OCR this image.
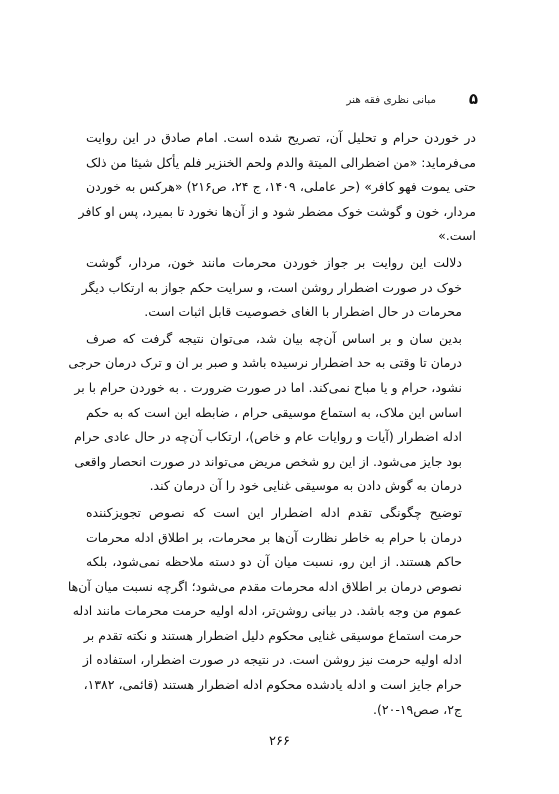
مبانی نظری فقه هنر ۵

در خوردن حرام و تحلیل آن، تصریح شده است. امام صادق در این روایت
می‌فرماید: «من اضطرالی المیتة والدم ولحم الخنزیر فلم یأکل شیئا من ذلک
حتی یموت فهو کافر» (حر عاملی، ۱۴۰۹، ج ۲۴، ص۲۱۶) «هرکس به خوردن
مردار، خون و گوشت خوک مضطر شود و از آن‌ها نخورد تا بمیرد، پس او کافر
است.»

دلالت این روایت بر جواز خوردن محرمات مانند خون، مردار، گوشت
خوک در صورت اضطرار روشن است، و سرایت حکم جواز به ارتکاب دیگر
محرمات در حال اضطرار با الغای خصوصیت قابل اثبات است.

بدین سان و بر اساس آن‌چه بیان شد، می‌توان نتیجه گرفت که صرف
درمان تا وقتی به حد اضطرار نرسیده باشد و صبر بر ان و ترک درمان حرجی
نشود، حرام و یا مباح نمی‌کند. اما در صورت ضرورت . به خوردن حرام با بر
اساس این ملاک، به استماع موسیقی حرام ، ضابطه این است که به حکم
ادله اضطرار (آیات و روایات عام و خاص)، ارتکاب آن‌چه در حال عادی حرام
بود جایز می‌شود. از این رو شخص مریض می‌تواند در صورت انحصار واقعی
درمان به گوش دادن به موسیقی غنایی خود را آن درمان کند.

توضیح چگونگی تقدم ادله اضطرار این است که نصوص تجویزکننده
درمان با حرام به خاطر نظارت آن‌ها بر محرمات، بر اطلاق ادله محرمات
حاکم هستند. از این رو، نسبت میان آن دو دسته ملاحظه نمی‌شود، بلکه
نصوص درمان بر اطلاق ادله محرمات مقدم می‌شود؛ اگرچه نسبت میان آن‌ها
عموم من وجه باشد. در بیانی روشن‌تر، ادله اولیه حرمت محرمات مانند ادله
حرمت استماع موسیقی غنایی محکوم دلیل اضطرار هستند و نکته تقدم بر
ادله اولیه حرمت نیز روشن است. در نتیجه در صورت اضطرار، استفاده از
حرام جایز است و ادله یادشده محکوم ادله اضطرار هستند (قائمی، ۱۳۸۲،
ج۲، صص۱۹-۲۰).

۲۶۶
